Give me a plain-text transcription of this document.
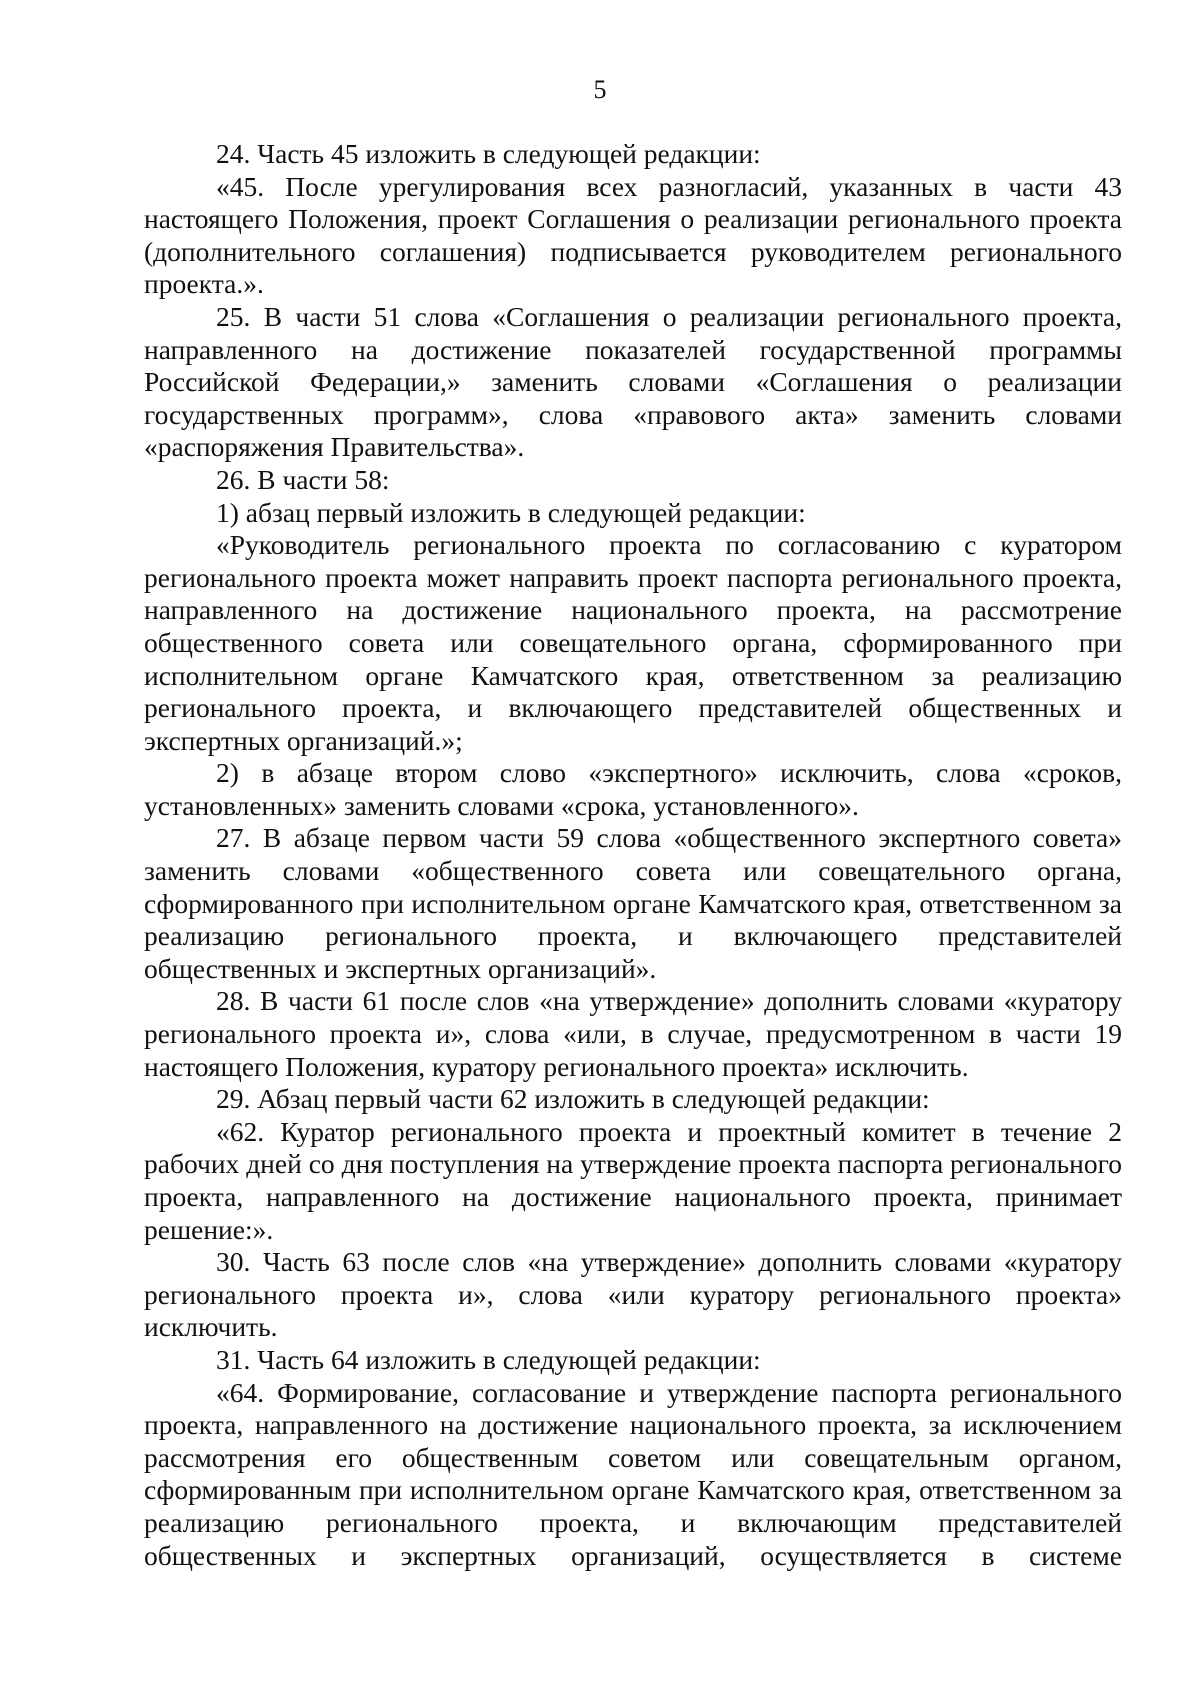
5

24. Часть 45 изложить в следующей редакции:

«45. После урегулирования всех разногласий, указанных в части 43 настоящего Положения, проект Соглашения о реализации регионального проекта (дополнительного соглашения) подписывается руководителем регионального проекта.».

25. В части 51 слова «Соглашения о реализации регионального проекта, направленного на достижение показателей государственной программы Российской Федерации,» заменить словами «Соглашения о реализации государственных программ», слова «правового акта» заменить словами «распоряжения Правительства».

26. В части 58:

1) абзац первый изложить в следующей редакции:

«Руководитель регионального проекта по согласованию с куратором регионального проекта может направить проект паспорта регионального проекта, направленного на достижение национального проекта, на рассмотрение общественного совета или совещательного органа, сформированного при исполнительном органе Камчатского края, ответственном за реализацию регионального проекта, и включающего представителей общественных и экспертных организаций.»;

2) в абзаце втором слово «экспертного» исключить, слова «сроков, установленных» заменить словами «срока, установленного».

27. В абзаце первом части 59 слова «общественного экспертного совета» заменить словами «общественного совета или совещательного органа, сформированного при исполнительном органе Камчатского края, ответственном за реализацию регионального проекта, и включающего представителей общественных и экспертных организаций».

28. В части 61 после слов «на утверждение» дополнить словами «куратору регионального проекта и», слова «или, в случае, предусмотренном в части 19 настоящего Положения, куратору регионального проекта» исключить.

29. Абзац первый части 62 изложить в следующей редакции:

«62. Куратор регионального проекта и проектный комитет в течение 2 рабочих дней со дня поступления на утверждение проекта паспорта регионального проекта, направленного на достижение национального проекта, принимает решение:».

30. Часть 63 после слов «на утверждение» дополнить словами «куратору регионального проекта и», слова «или куратору регионального проекта» исключить.

31. Часть 64 изложить в следующей редакции:

«64. Формирование, согласование и утверждение паспорта регионального проекта, направленного на достижение национального проекта, за исключением рассмотрения его общественным советом или совещательным органом, сформированным при исполнительном органе Камчатского края, ответственном за реализацию регионального проекта, и включающим представителей общественных и экспертных организаций, осуществляется в системе
